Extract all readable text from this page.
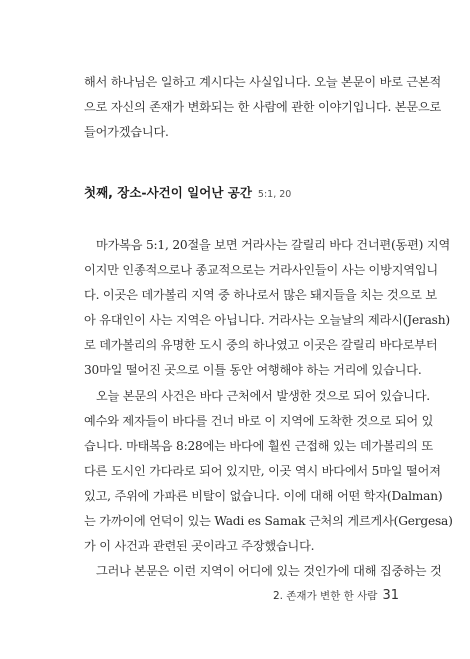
해서 하나님은 일하고 계시다는 사실입니다. 오늘 본문이 바로 근본적
으로 자신의 존재가 변화되는 한 사람에 관한 이야기입니다. 본문으로
들어가겠습니다.
첫째, 장소-사건이 일어난 공간 5:1, 20
마가복음 5:1, 20절을 보면 거라사는 갈릴리 바다 건너편(동편) 지역
이지만 인종적으로나 종교적으로는 거라사인들이 사는 이방지역입니
다. 이곳은 데가볼리 지역 중 하나로서 많은 돼지들을 치는 것으로 보
아 유대인이 사는 지역은 아닙니다. 거라사는 오늘날의 제라시(Jerash)
로 데가볼리의 유명한 도시 중의 하나였고 이곳은 갈릴리 바다로부터
30마일 떨어진 곳으로 이틀 동안 여행해야 하는 거리에 있습니다.
오늘 본문의 사건은 바다 근처에서 발생한 것으로 되어 있습니다.
예수와 제자들이 바다를 건너 바로 이 지역에 도착한 것으로 되어 있
습니다. 마태복음 8:28에는 바다에 훨씬 근접해 있는 데가볼리의 또
다른 도시인 가다라로 되어 있지만, 이곳 역시 바다에서 5마일 떨어져
있고, 주위에 가파른 비탈이 없습니다. 이에 대해 어떤 학자(Dalman)
는 가까이에 언덕이 있는 Wadi es Samak 근처의 게르게사(Gergesa)
가 이 사건과 관련된 곳이라고 주장했습니다.
그러나 본문은 이런 지역이 어디에 있는 것인가에 대해 집중하는 것
2. 존재가 변한 한 사람 31
